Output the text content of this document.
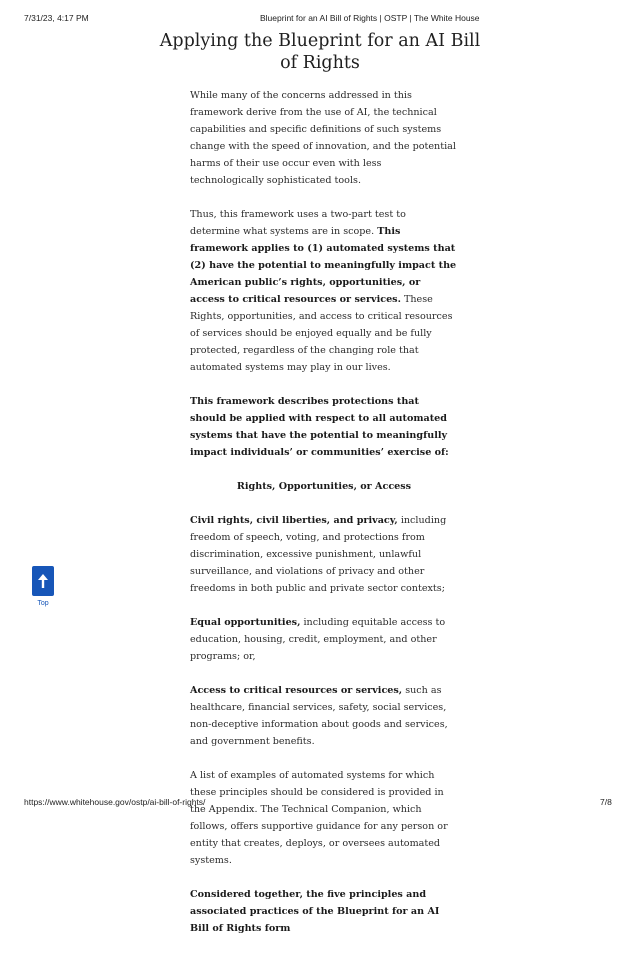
7/31/23, 4:17 PM	Blueprint for an AI Bill of Rights | OSTP | The White House
Applying the Blueprint for an AI Bill
of Rights

While many of the concerns addressed in this framework derive from the use of AI, the technical capabilities and specific definitions of such systems change with the speed of innovation, and the potential harms of their use occur even with less technologically sophisticated tools.

Thus, this framework uses a two-part test to determine what systems are in scope. This framework applies to (1) automated systems that (2) have the potential to meaningfully impact the American public’s rights, opportunities, or access to critical resources or services. These Rights, opportunities, and access to critical resources of services should be enjoyed equally and be fully protected, regardless of the changing role that automated systems may play in our lives.

This framework describes protections that should be applied with respect to all automated systems that have the potential to meaningfully impact individuals’ or communities’ exercise of:

Rights, Opportunities, or Access

Civil rights, civil liberties, and privacy, including freedom of speech, voting, and protections from discrimination, excessive punishment, unlawful surveillance, and violations of privacy and other freedoms in both public and private sector contexts;

Equal opportunities, including equitable access to education, housing, credit, employment, and other programs; or,

Access to critical resources or services, such as healthcare, financial services, safety, social services, non-deceptive information about goods and services, and government benefits.

A list of examples of automated systems for which these principles should be considered is provided in the Appendix. The Technical Companion, which follows, offers supportive guidance for any person or entity that creates, deploys, or oversees automated systems.

Considered together, the five principles and associated practices of the Blueprint for an AI Bill of Rights form

Top
https://www.whitehouse.gov/ostp/ai-bill-of-rights/	7/8
